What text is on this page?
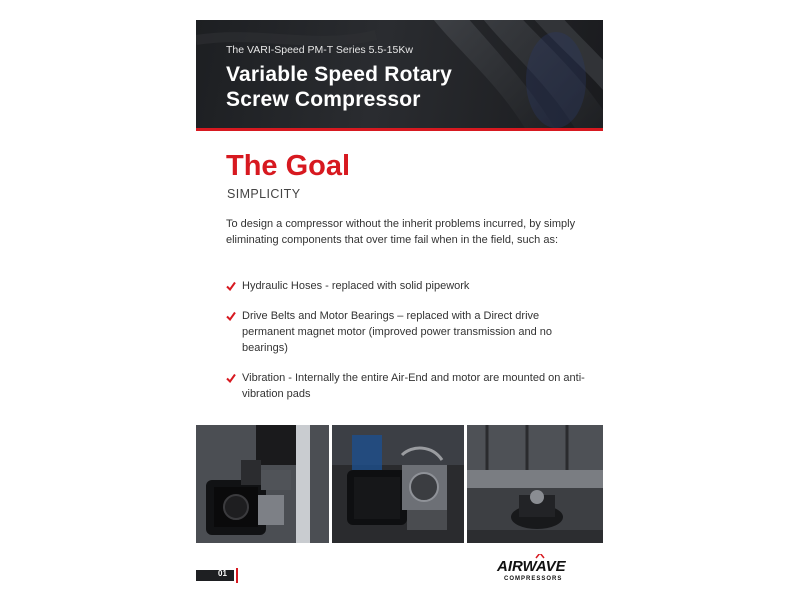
The VARI-Speed PM-T Series 5.5-15Kw
Variable Speed Rotary
Screw Compressor
The Goal
SIMPLICITY
To design a compressor without the inherit problems incurred, by simply eliminating components that over time fail when in the field, such as:
Hydraulic Hoses - replaced with solid pipework
Drive Belts and Motor Bearings – replaced with a Direct drive permanent magnet motor (improved power transmission and no bearings)
Vibration - Internally the entire Air-End and motor are mounted on anti-vibration pads
01	AIRWAVE
COMPRESSORS
